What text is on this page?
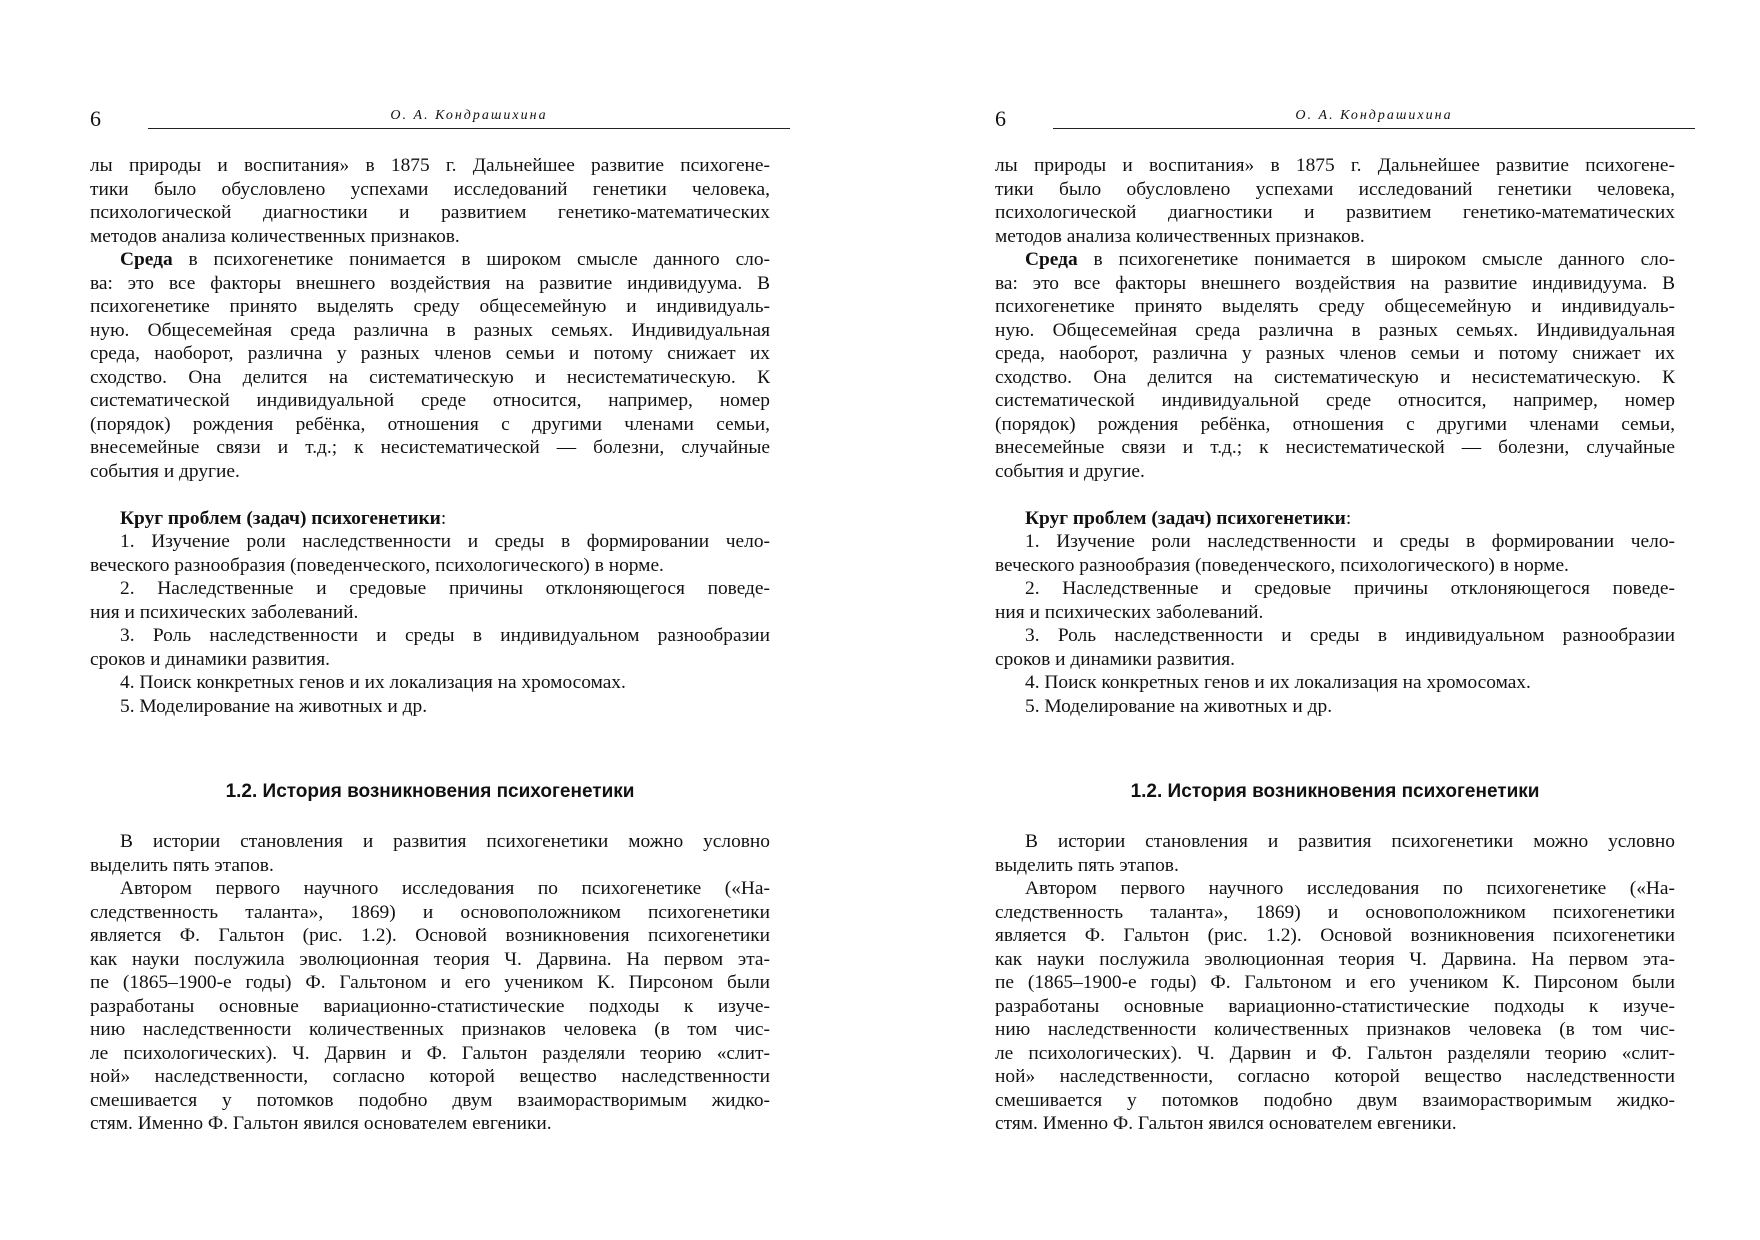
6	О. А. Кондрашихина
лы природы и воспитания» в 1875 г. Дальнейшее развитие психогене-
тики было обусловлено успехами исследований генетики человека,
психологической диагностики и развитием генетико-математических
методов анализа количественных признаков.
Среда в психогенетике понимается в широком смысле данного сло-
ва: это все факторы внешнего воздействия на развитие индивидуума. В
психогенетике принято выделять среду общесемейную и индивидуаль-
ную. Общесемейная среда различна в разных семьях. Индивидуальная
среда, наоборот, различна у разных членов семьи и потому снижает их
сходство. Она делится на систематическую и несистематическую. К
систематической индивидуальной среде относится, например, номер
(порядок) рождения ребёнка, отношения с другими членами семьи,
внесемейные связи и т.д.; к несистематической — болезни, случайные
события и другие.
Круг проблем (задач) психогенетики:
1. Изучение роли наследственности и среды в формировании чело-
вечеcкого разнообразия (поведенческого, психологического) в норме.
2. Наследственные и средовые причины отклоняющегося поведе-
ния и психических заболеваний.
3. Роль наследственности и среды в индивидуальном разнообразии
сроков и динамики развития.
4. Поиск конкретных генов и их локализация на хромосомах.
5. Моделирование на животных и др.
1.2. История возникновения психогенетики
В истории становления и развития психогенетики можно условно
выделить пять этапов.
Автором первого научного исследования по психогенетике («На-
следственность таланта», 1869) и основоположником психогенетики
является Ф. Гальтон (рис. 1.2). Основой возникновения психогенетики
как науки послужила эволюционная теория Ч. Дарвина. На первом эта-
пе (1865–1900-е годы) Ф. Гальтоном и его учеником К. Пирсоном были
разработаны основные вариационно-статистические подходы к изуче-
нию наследственности количественных признаков человека (в том чис-
ле психологических). Ч. Дарвин и Ф. Гальтон разделяли теорию «слит-
ной» наследственности, согласно которой вещество наследственности
смешивается у потомков подобно двум взаиморастворимым жидко-
стям. Именно Ф. Гальтон явился основателем евгеники.
6	О. А. Кондрашихина
лы природы и воспитания» в 1875 г. Дальнейшее развитие психогене-
тики было обусловлено успехами исследований генетики человека,
психологической диагностики и развитием генетико-математических
методов анализа количественных признаков.
Среда в психогенетике понимается в широком смысле данного сло-
ва: это все факторы внешнего воздействия на развитие индивидуума. В
психогенетике принято выделять среду общесемейную и индивидуаль-
ную. Общесемейная среда различна в разных семьях. Индивидуальная
среда, наоборот, различна у разных членов семьи и потому снижает их
сходство. Она делится на систематическую и несистематическую. К
систематической индивидуальной среде относится, например, номер
(порядок) рождения ребёнка, отношения с другими членами семьи,
внесемейные связи и т.д.; к несистематической — болезни, случайные
события и другие.
Круг проблем (задач) психогенетики:
1. Изучение роли наследственности и среды в формировании чело-
вечеcкого разнообразия (поведенческого, психологического) в норме.
2. Наследственные и средовые причины отклоняющегося поведе-
ния и психических заболеваний.
3. Роль наследственности и среды в индивидуальном разнообразии
сроков и динамики развития.
4. Поиск конкретных генов и их локализация на хромосомах.
5. Моделирование на животных и др.
1.2. История возникновения психогенетики
В истории становления и развития психогенетики можно условно
выделить пять этапов.
Автором первого научного исследования по психогенетике («На-
следственность таланта», 1869) и основоположником психогенетики
является Ф. Гальтон (рис. 1.2). Основой возникновения психогенетики
как науки послужила эволюционная теория Ч. Дарвина. На первом эта-
пе (1865–1900-е годы) Ф. Гальтоном и его учеником К. Пирсоном были
разработаны основные вариационно-статистические подходы к изуче-
нию наследственности количественных признаков человека (в том чис-
ле психологических). Ч. Дарвин и Ф. Гальтон разделяли теорию «слит-
ной» наследственности, согласно которой вещество наследственности
смешивается у потомков подобно двум взаиморастворимым жидко-
стям. Именно Ф. Гальтон явился основателем евгеники.
